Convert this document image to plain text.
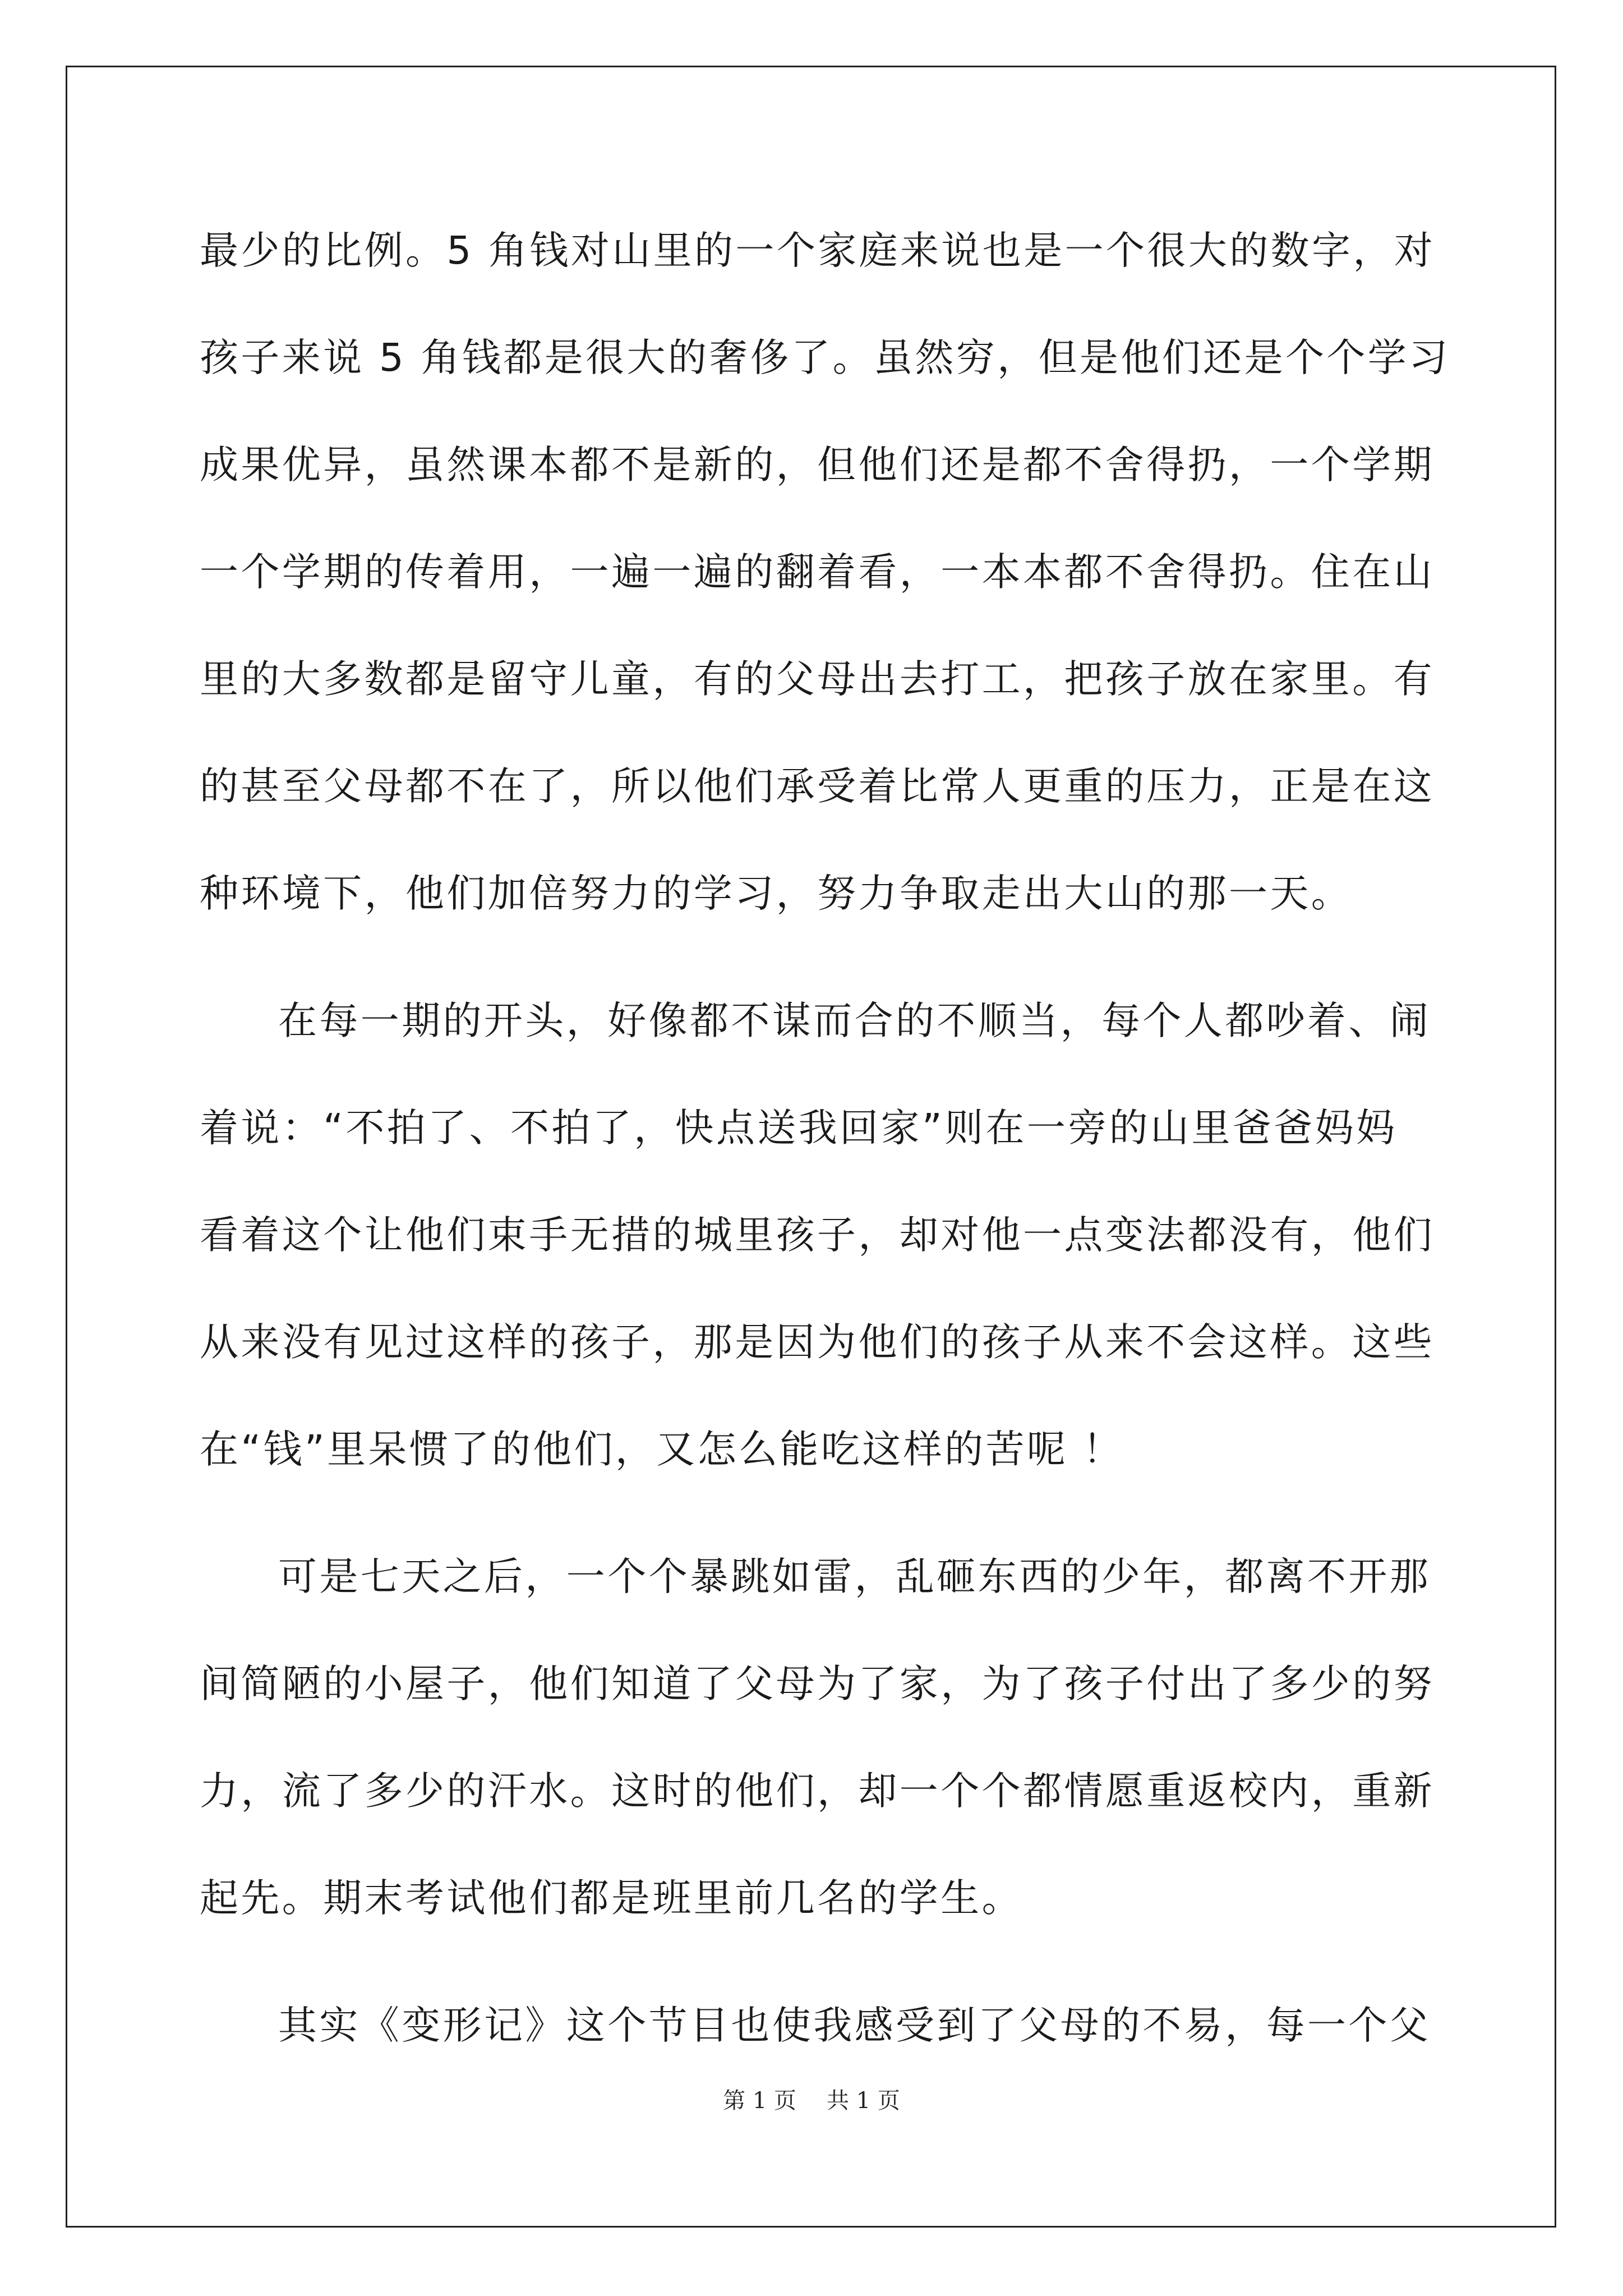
最少的比例。5 角钱对山里的一个家庭来说也是一个很大的数字，对
孩子来说 5 角钱都是很大的奢侈了。虽然穷，但是他们还是个个学习
成果优异，虽然课本都不是新的，但他们还是都不舍得扔，一个学期
一个学期的传着用，一遍一遍的翻着看，一本本都不舍得扔。住在山
里的大多数都是留守儿童，有的父母出去打工，把孩子放在家里。有
的甚至父母都不在了，所以他们承受着比常人更重的压力，正是在这
种环境下，他们加倍努力的学习，努力争取走出大山的那一天。
在每一期的开头，好像都不谋而合的不顺当，每个人都吵着、闹
着说：“不拍了、不拍了，快点送我回家”则在一旁的山里爸爸妈妈
看着这个让他们束手无措的城里孩子，却对他一点变法都没有，他们
从来没有见过这样的孩子，那是因为他们的孩子从来不会这样。这些
在“钱”里呆惯了的他们，又怎么能吃这样的苦呢 ！
可是七天之后，一个个暴跳如雷，乱砸东西的少年，都离不开那
间简陋的小屋子，他们知道了父母为了家，为了孩子付出了多少的努
力，流了多少的汗水。这时的他们，却一个个都情愿重返校内，重新
起先。期末考试他们都是班里前几名的学生。
其实《变形记》这个节目也使我感受到了父母的不易，每一个父
第 1 页 共 1 页
